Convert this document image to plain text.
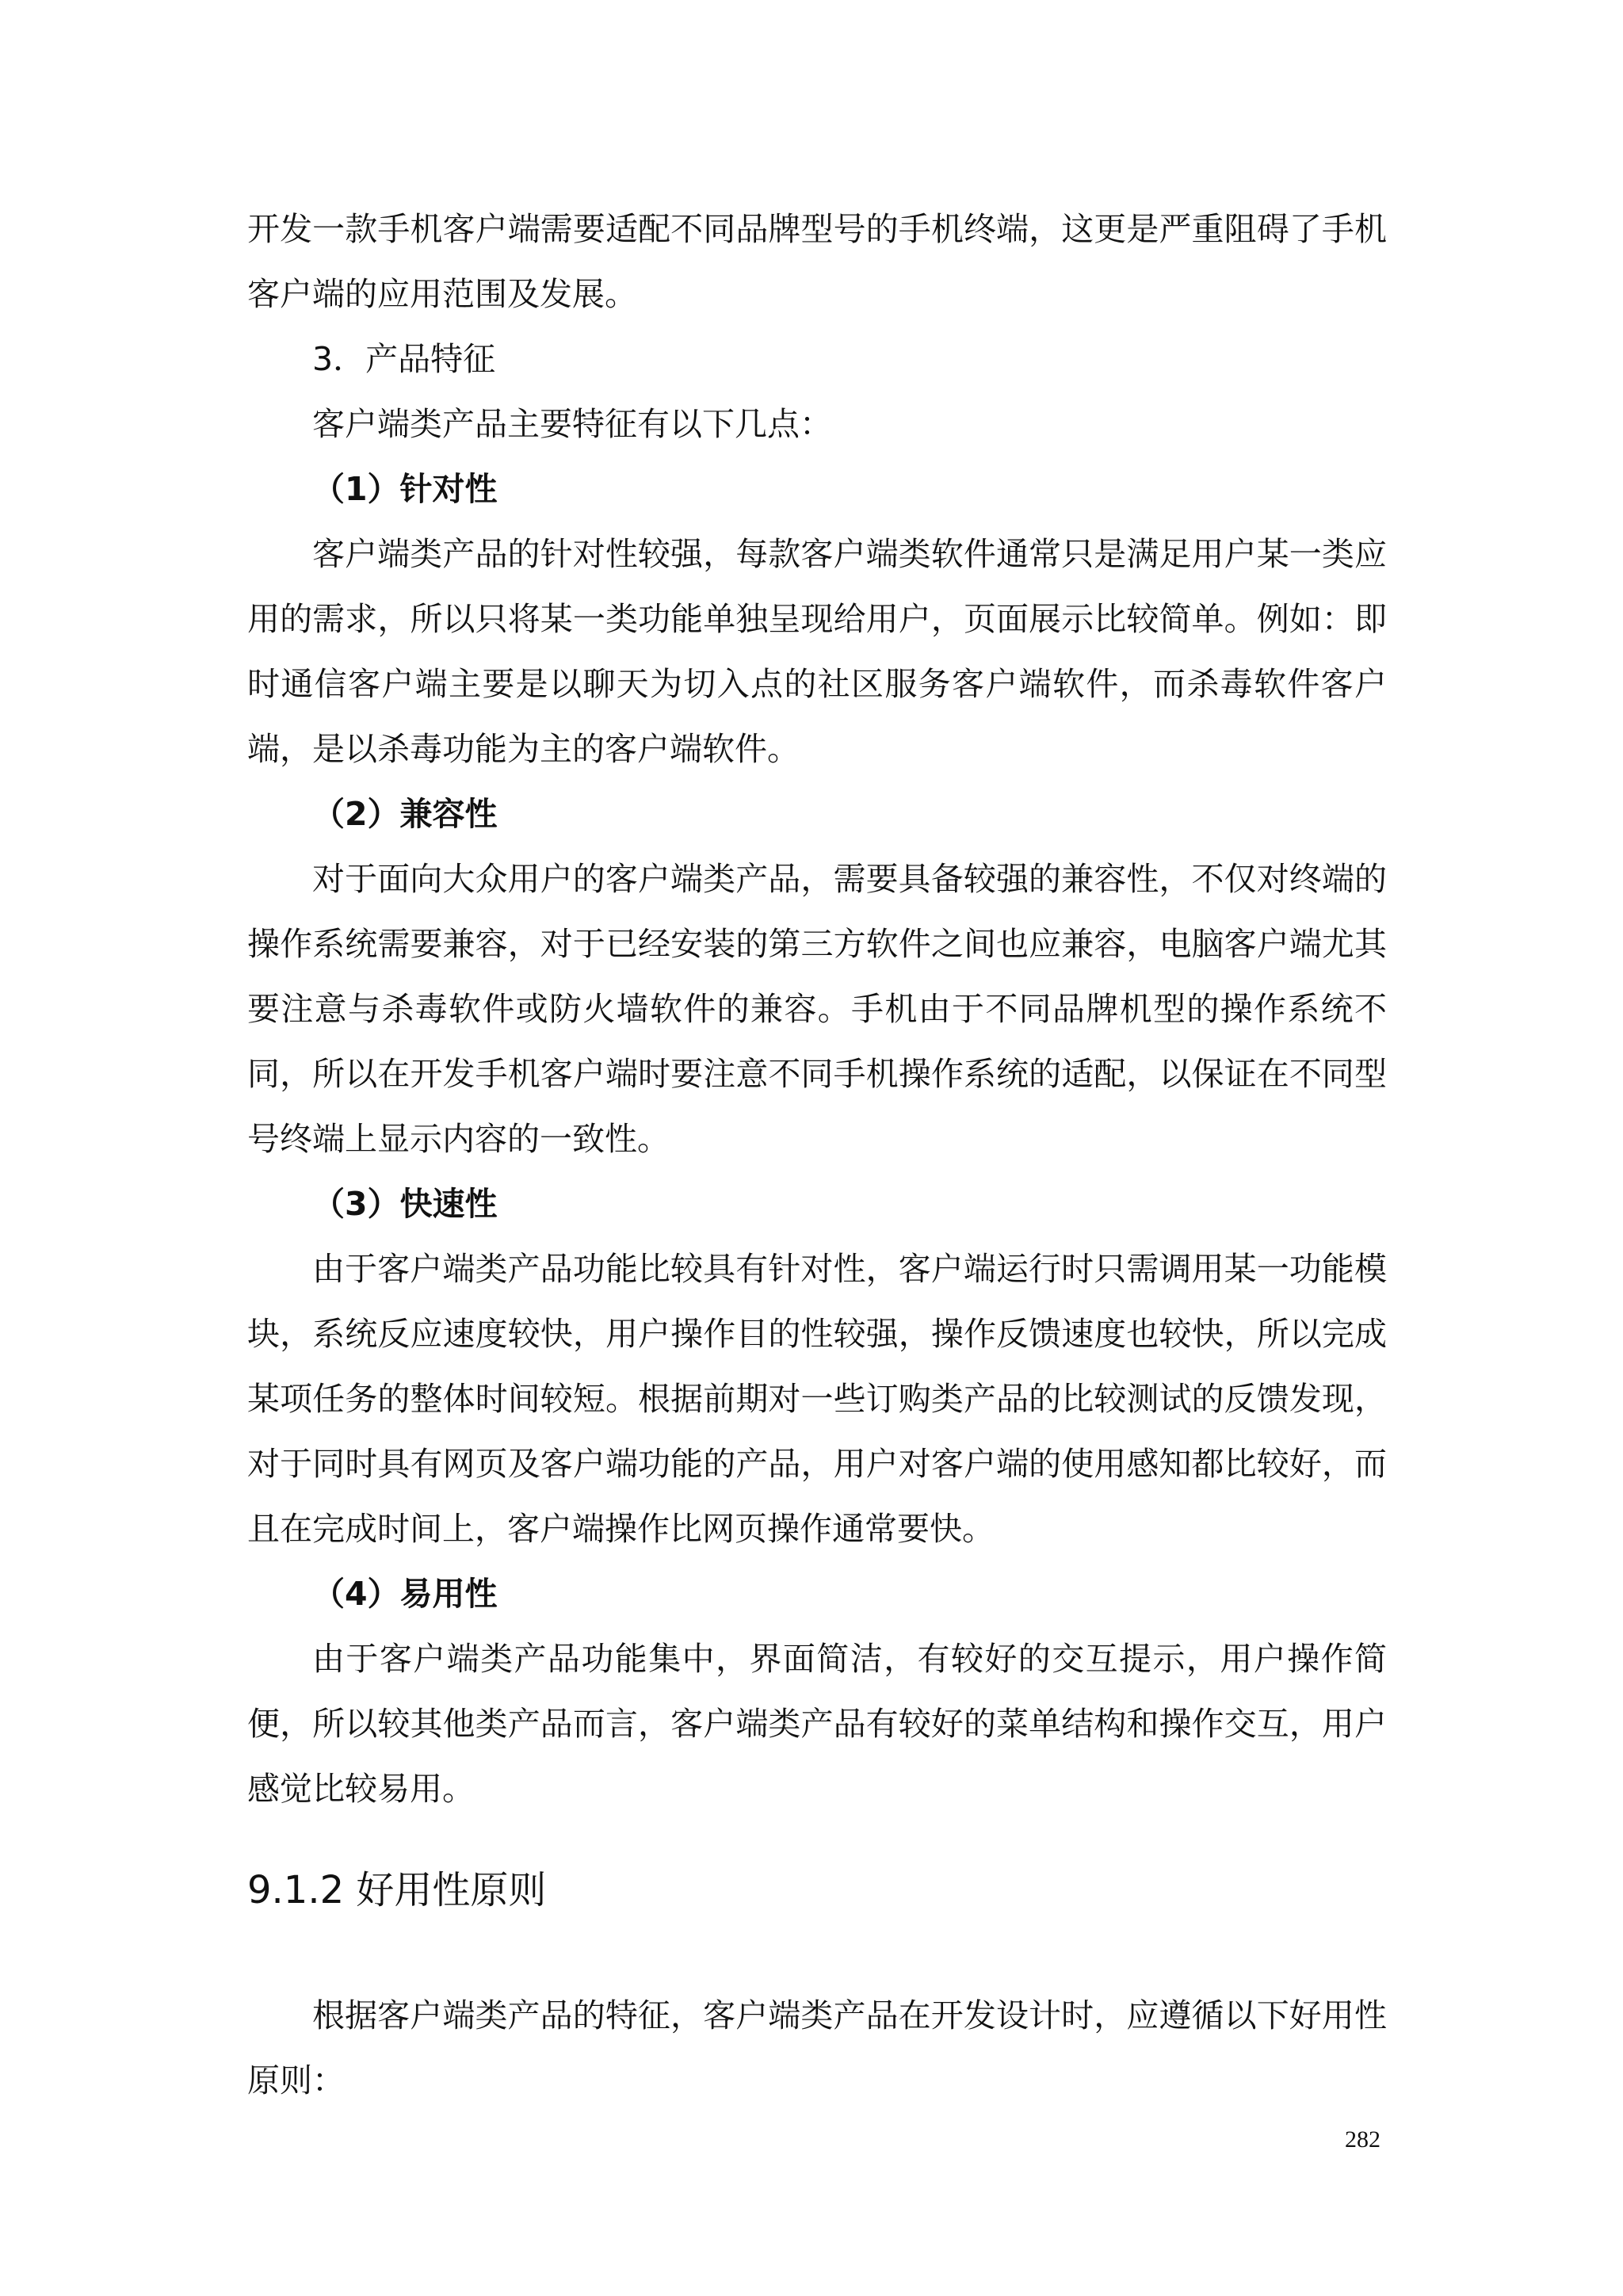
开发一款手机客户端需要适配不同品牌型号的手机终端，这更是严重阻碍了手机客户端的应用范围及发展。

3．产品特征

客户端类产品主要特征有以下几点：

（1）针对性

客户端类产品的针对性较强，每款客户端类软件通常只是满足用户某一类应用的需求，所以只将某一类功能单独呈现给用户，页面展示比较简单。例如：即时通信客户端主要是以聊天为切入点的社区服务客户端软件，而杀毒软件客户端，是以杀毒功能为主的客户端软件。

（2）兼容性

对于面向大众用户的客户端类产品，需要具备较强的兼容性，不仅对终端的操作系统需要兼容，对于已经安装的第三方软件之间也应兼容，电脑客户端尤其要注意与杀毒软件或防火墙软件的兼容。手机由于不同品牌机型的操作系统不同，所以在开发手机客户端时要注意不同手机操作系统的适配，以保证在不同型号终端上显示内容的一致性。

（3）快速性

由于客户端类产品功能比较具有针对性，客户端运行时只需调用某一功能模块，系统反应速度较快，用户操作目的性较强，操作反馈速度也较快，所以完成某项任务的整体时间较短。根据前期对一些订购类产品的比较测试的反馈发现，对于同时具有网页及客户端功能的产品，用户对客户端的使用感知都比较好，而且在完成时间上，客户端操作比网页操作通常要快。

（4）易用性

由于客户端类产品功能集中，界面简洁，有较好的交互提示，用户操作简便，所以较其他类产品而言，客户端类产品有较好的菜单结构和操作交互，用户感觉比较易用。

9.1.2 好用性原则

根据客户端类产品的特征，客户端类产品在开发设计时，应遵循以下好用性原则：

282
